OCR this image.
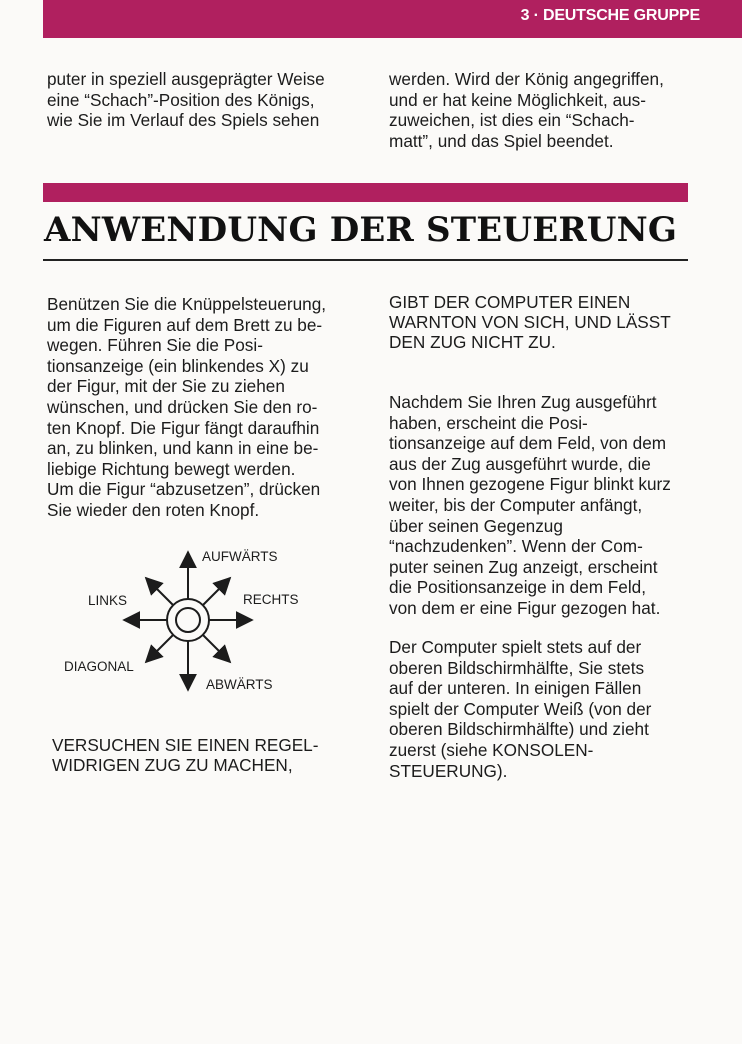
3 · DEUTSCHE GRUPPE
puter in speziell ausgeprägter Weise
eine “Schach”-Position des Königs,
wie Sie im Verlauf des Spiels sehen
werden. Wird der König angegriffen,
und er hat keine Möglichkeit, aus-
zuweichen, ist dies ein “Schach-
matt”, und das Spiel beendet.
ANWENDUNG DER STEUERUNG
Benützen Sie die Knüppelsteuerung,
um die Figuren auf dem Brett zu be-
wegen. Führen Sie die Posi-
tionsanzeige (ein blinkendes X) zu
der Figur, mit der Sie zu ziehen
wünschen, und drücken Sie den ro-
ten Knopf. Die Figur fängt daraufhin
an, zu blinken, und kann in eine be-
liebige Richtung bewegt werden.
Um die Figur “abzusetzen”, drücken
Sie wieder den roten Knopf.
AUFWÄRTS
LINKS	RECHTS
DIAGONAL
ABWÄRTS
VERSUCHEN SIE EINEN REGEL-
WIDRIGEN ZUG ZU MACHEN,
GIBT DER COMPUTER EINEN
WARNTON VON SICH, UND LÄSST
DEN ZUG NICHT ZU.
Nachdem Sie Ihren Zug ausgeführt
haben, erscheint die Posi-
tionsanzeige auf dem Feld, von dem
aus der Zug ausgeführt wurde, die
von Ihnen gezogene Figur blinkt kurz
weiter, bis der Computer anfängt,
über seinen Gegenzug
“nachzudenken”. Wenn der Com-
puter seinen Zug anzeigt, erscheint
die Positionsanzeige in dem Feld,
von dem er eine Figur gezogen hat.
Der Computer spielt stets auf der
oberen Bildschirmhälfte, Sie stets
auf der unteren. In einigen Fällen
spielt der Computer Weiß (von der
oberen Bildschirmhälfte) und zieht
zuerst (siehe KONSOLEN-
STEUERUNG).
